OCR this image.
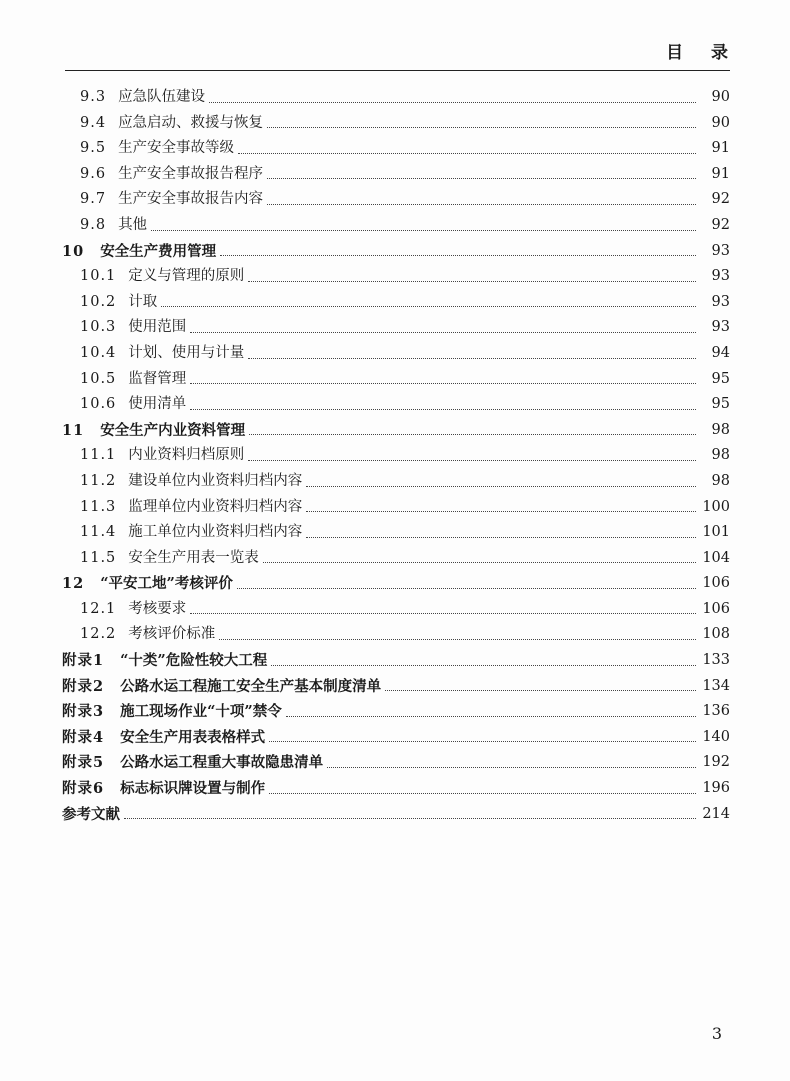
目 录
9.3 应急队伍建设	90
9.4 应急启动、救援与恢复	90
9.5 生产安全事故等级	91
9.6 生产安全事故报告程序	91
9.7 生产安全事故报告内容	92
9.8 其他	92
10 安全生产费用管理	93
10.1 定义与管理的原则	93
10.2 计取	93
10.3 使用范围	93
10.4 计划、使用与计量	94
10.5 监督管理	95
10.6 使用清单	95
11 安全生产内业资料管理	98
11.1 内业资料归档原则	98
11.2 建设单位内业资料归档内容	98
11.3 监理单位内业资料归档内容	100
11.4 施工单位内业资料归档内容	101
11.5 安全生产用表一览表	104
12 “平安工地”考核评价	106
12.1 考核要求	106
12.2 考核评价标准	108
附录1 “十类”危险性较大工程	133
附录2 公路水运工程施工安全生产基本制度清单	134
附录3 施工现场作业“十项”禁令	136
附录4 安全生产用表表格样式	140
附录5 公路水运工程重大事故隐患清单	192
附录6 标志标识牌设置与制作	196
参考文献	214
3
